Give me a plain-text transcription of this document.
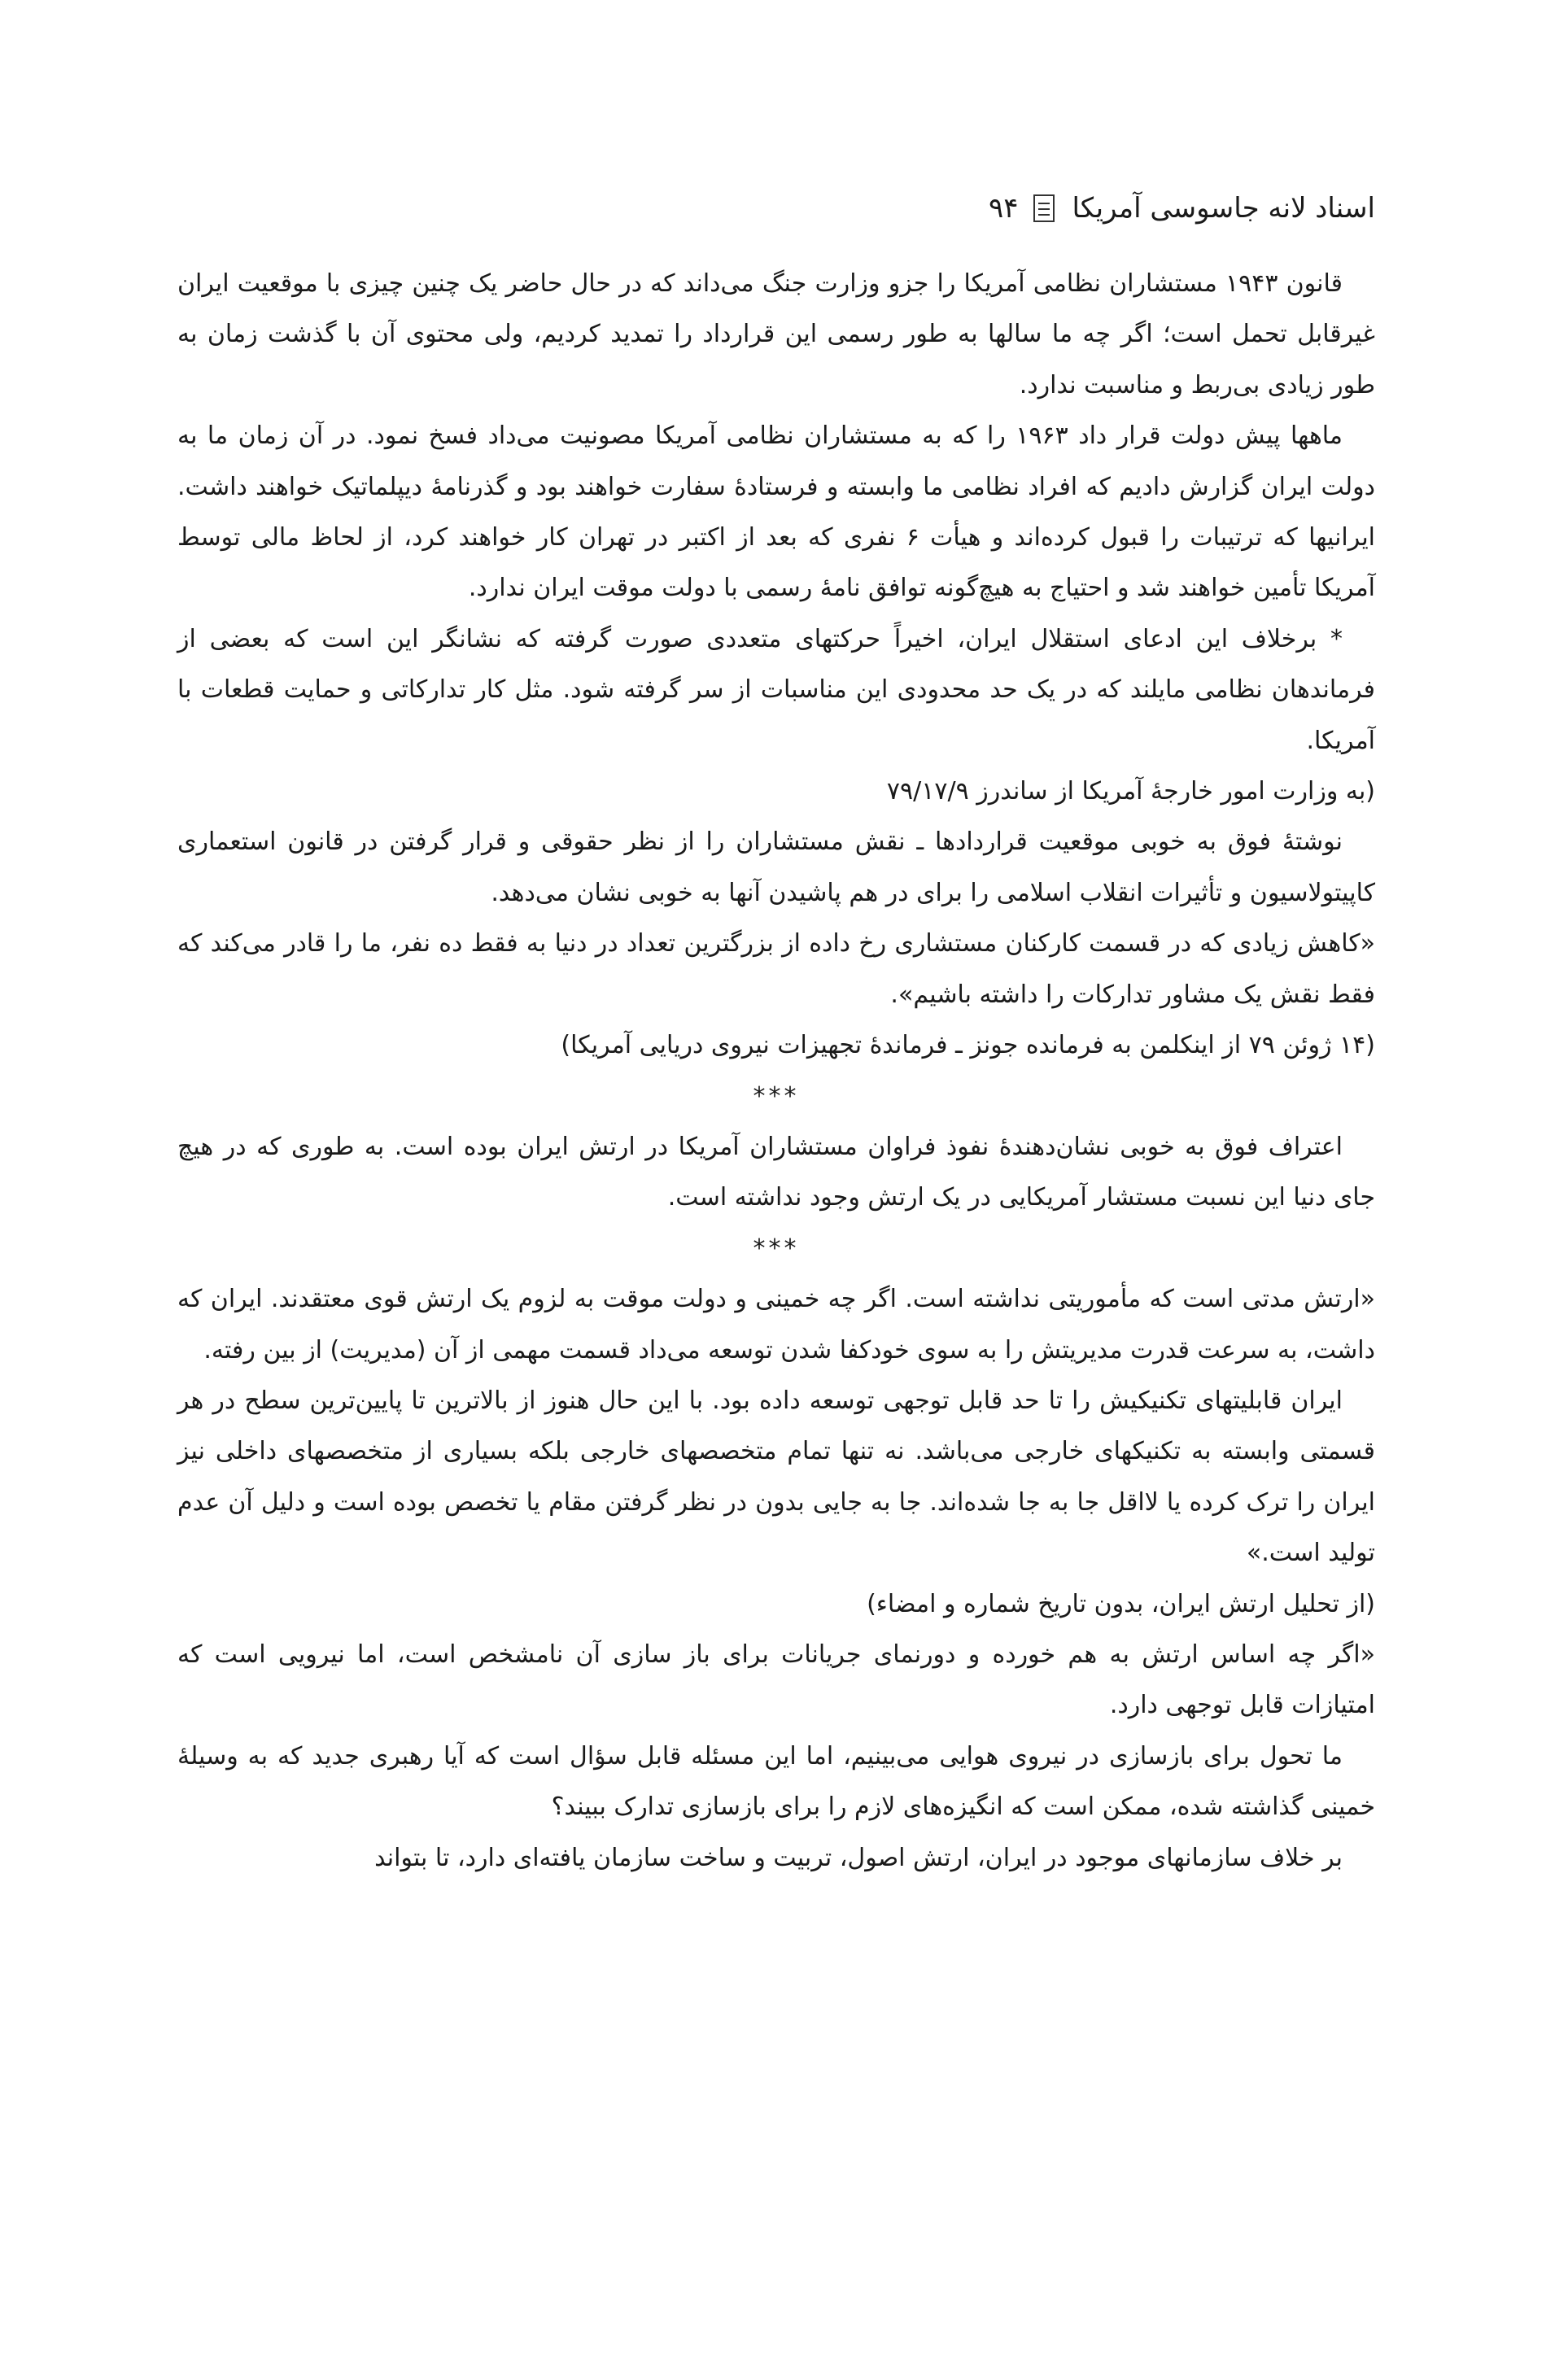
اسناد لانه جاسوسی آمریکا
۹۴

قانون ۱۹۴۳ مستشاران نظامی آمریکا را جزو وزارت جنگ می‌داند که در حال حاضر یک چنین چیزی با موقعیت ایران غیرقابل تحمل است؛ اگر چه ما سالها به طور رسمی این قرارداد را تمدید کردیم، ولی محتوی آن با گذشت زمان به طور زیادی بی‌ربط و مناسبت ندارد.

ماهها پیش دولت قرار داد ۱۹۶۳ را که به مستشاران نظامی آمریکا مصونیت می‌داد فسخ نمود. در آن زمان ما به دولت ایران گزارش دادیم که افراد نظامی ما وابسته و فرستادهٔ سفارت خواهند بود و گذرنامهٔ دیپلماتیک خواهند داشت. ایرانیها که ترتیبات را قبول کرده‌اند و هیأت ۶ نفری که بعد از اکتبر در تهران کار خواهند کرد، از لحاظ مالی توسط آمریکا تأمین خواهند شد و احتیاج به هیچ‌گونه توافق نامهٔ رسمی با دولت موقت ایران ندارد.

* برخلاف این ادعای استقلال ایران، اخیراً حرکتهای متعددی صورت گرفته که نشانگر این است که بعضی از فرماندهان نظامی مایلند که در یک حد محدودی این مناسبات از سر گرفته شود. مثل کار تدارکاتی و حمایت قطعات با آمریکا.

(به وزارت امور خارجهٔ آمریکا از ساندرز ۷۹/۱۷/۹

نوشتهٔ فوق به خوبی موقعیت قراردادها ـ نقش مستشاران را از نظر حقوقی و قرار گرفتن در قانون استعماری کاپیتولاسیون و تأثیرات انقلاب اسلامی را برای در هم پاشیدن آنها به خوبی نشان می‌دهد.

«کاهش زیادی که در قسمت کارکنان مستشاری رخ داده از بزرگترین تعداد در دنیا به فقط ده نفر، ما را قادر می‌کند که فقط نقش یک مشاور تدارکات را داشته باشیم».

(۱۴ ژوئن ۷۹ از اینکلمن به فرمانده جونز ـ فرماندهٔ تجهیزات نیروی دریایی آمریکا)

***

اعتراف فوق به خوبی نشان‌دهندهٔ نفوذ فراوان مستشاران آمریکا در ارتش ایران بوده است. به طوری که در هیچ جای دنیا این نسبت مستشار آمریکایی در یک ارتش وجود نداشته است.

***

«ارتش مدتی است که مأموریتی نداشته است. اگر چه خمینی و دولت موقت به لزوم یک ارتش قوی معتقدند. ایران که داشت، به سرعت قدرت مدیریتش را به سوی خودکفا شدن توسعه می‌داد قسمت مهمی از آن (مدیریت) از بین رفته.

ایران قابلیتهای تکنیکیش را تا حد قابل توجهی توسعه داده بود. با این حال هنوز از بالاترین تا پایین‌ترین سطح در هر قسمتی وابسته به تکنیکهای خارجی می‌باشد. نه تنها تمام متخصصهای خارجی بلکه بسیاری از متخصصهای داخلی نیز ایران را ترک کرده یا لااقل جا به جا شده‌اند. جا به جایی بدون در نظر گرفتن مقام یا تخصص بوده است و دلیل آن عدم تولید است.»

(از تحلیل ارتش ایران، بدون تاریخ شماره و امضاء)

«اگر چه اساس ارتش به هم خورده و دورنمای جریانات برای باز سازی آن نامشخص است، اما نیرویی است که امتیازات قابل توجهی دارد.

ما تحول برای بازسازی در نیروی هوایی می‌بینیم، اما این مسئله قابل سؤال است که آیا رهبری جدید که به وسیلهٔ خمینی گذاشته شده، ممکن است که انگیزه‌های لازم را برای بازسازی تدارک ببیند؟

بر خلاف سازمانهای موجود در ایران، ارتش اصول، تربیت و ساخت سازمان یافته‌ای دارد، تا بتواند
